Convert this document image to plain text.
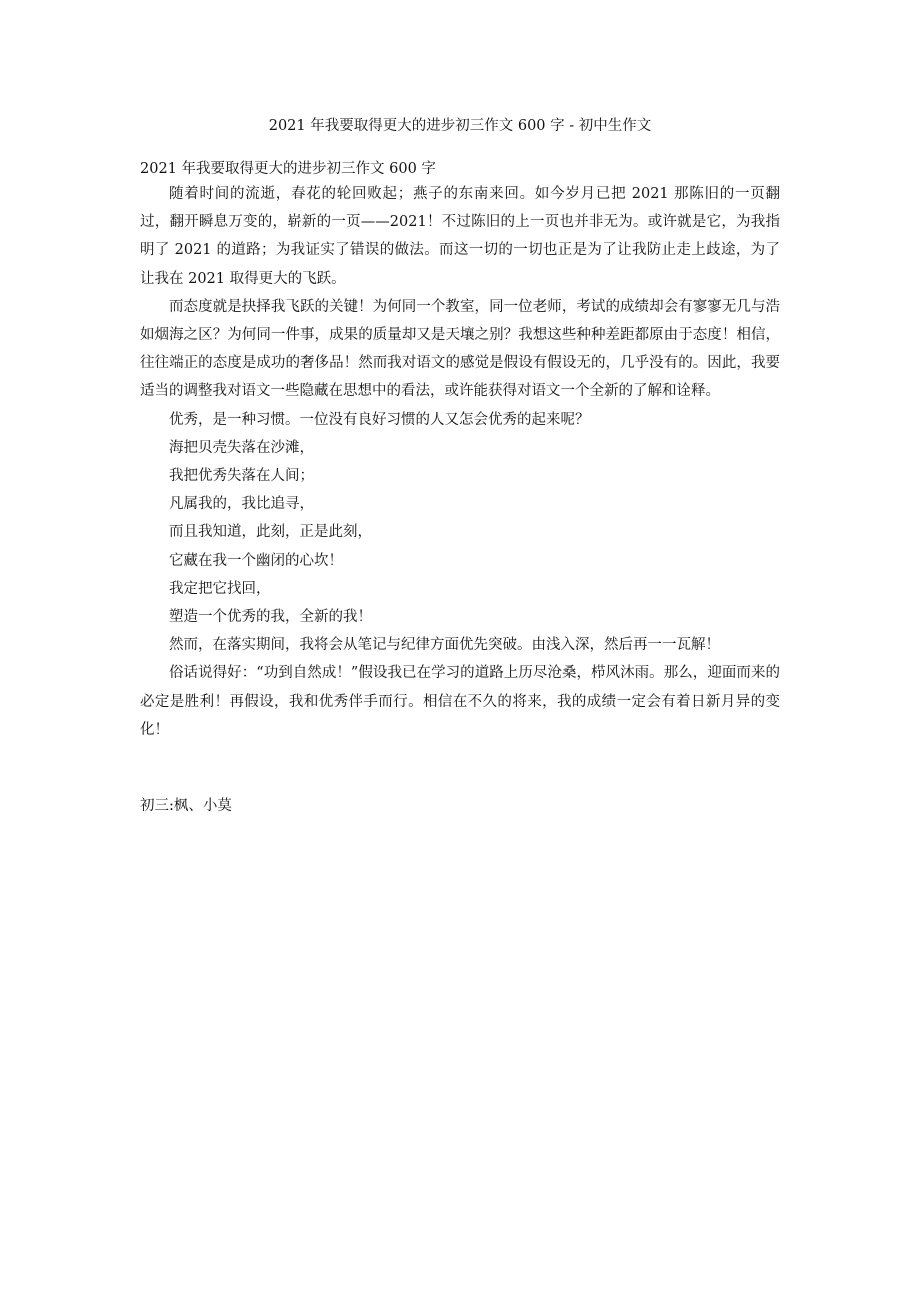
2021 年我要取得更大的进步初三作文 600 字 - 初中生作文
2021 年我要取得更大的进步初三作文 600 字

随着时间的流逝，春花的轮回败起；燕子的东南来回。如今岁月已把 2021 那陈旧的一页翻过，翻开瞬息万变的，崭新的一页——2021！不过陈旧的上一页也并非无为。或许就是它，为我指明了 2021 的道路；为我证实了错误的做法。而这一切的一切也正是为了让我防止走上歧途，为了让我在 2021 取得更大的飞跃。

而态度就是抉择我飞跃的关键！为何同一个教室，同一位老师，考试的成绩却会有寥寥无几与浩如烟海之区？为何同一件事，成果的质量却又是天壤之别？我想这些种种差距都原由于态度！相信，往往端正的态度是成功的奢侈品！然而我对语文的感觉是假设有假设无的，几乎没有的。因此，我要适当的调整我对语文一些隐藏在思想中的看法，或许能获得对语文一个全新的了解和诠释。

优秀，是一种习惯。一位没有良好习惯的人又怎会优秀的起来呢？

海把贝壳失落在沙滩，

我把优秀失落在人间；

凡属我的，我比追寻，

而且我知道，此刻，正是此刻，

它藏在我一个幽闭的心坎！

我定把它找回，

塑造一个优秀的我，全新的我！

然而，在落实期间，我将会从笔记与纪律方面优先突破。由浅入深，然后再一一瓦解！

俗话说得好：“功到自然成！”假设我已在学习的道路上历尽沧桑，栉风沐雨。那么，迎面而来的必定是胜利！再假设，我和优秀伴手而行。相信在不久的将来，我的成绩一定会有着日新月异的变化！

初三:枫、小莫
